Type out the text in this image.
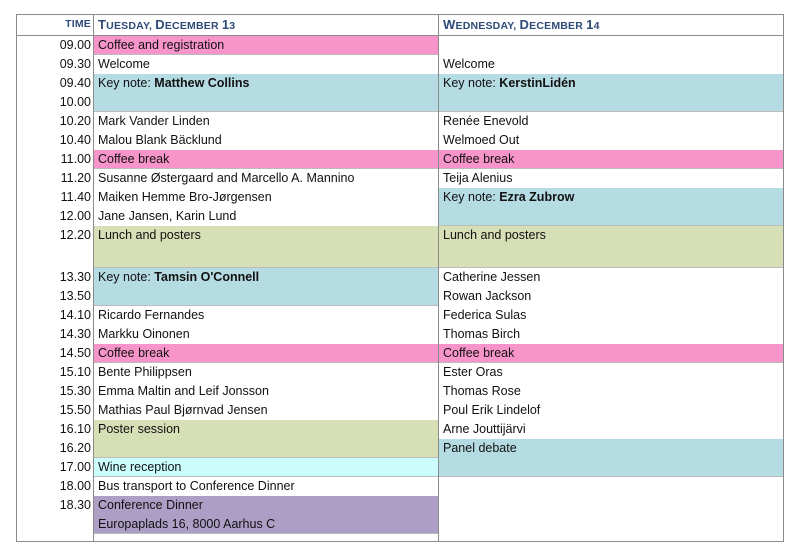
TIME TUESDAY, DECEMBER 13	WEDNESDAY, DECEMBER 14
09.00
09.30
09.40
10.00
10.20
10.40
11.00
11.20
11.40
12.00
12.20
13.30
13.50
14.10
14.30
14.50
15.10
15.30
15.50
16.10
16.20
17.00
18.00
18.30
Coffee and registration
Welcome
Key note: Matthew Collins
Mark Vander Linden
Malou Blank Bäcklund
Coffee break
Susanne Østergaard and Marcello A. Mannino
Maiken Hemme Bro-Jørgensen
Jane Jansen, Karin Lund
Lunch and posters
Key note: Tamsin O'Connell
Ricardo Fernandes
Markku Oinonen
Coffee break
Bente Philippsen
Emma Maltin and Leif Jonsson
Mathias Paul Bjørnvad Jensen
Poster session
Wine reception
Bus transport to Conference Dinner
Conference Dinner
Europaplads 16, 8000 Aarhus C
Welcome
Key note: KerstinLidén
Renée Enevold
Welmoed Out
Coffee break
Teija Alenius
Key note: Ezra Zubrow
Lunch and posters
Catherine Jessen
Rowan Jackson
Federica Sulas
Thomas Birch
Coffee break
Ester Oras
Thomas Rose
Poul Erik Lindelof
Arne Jouttijärvi
Panel debate
